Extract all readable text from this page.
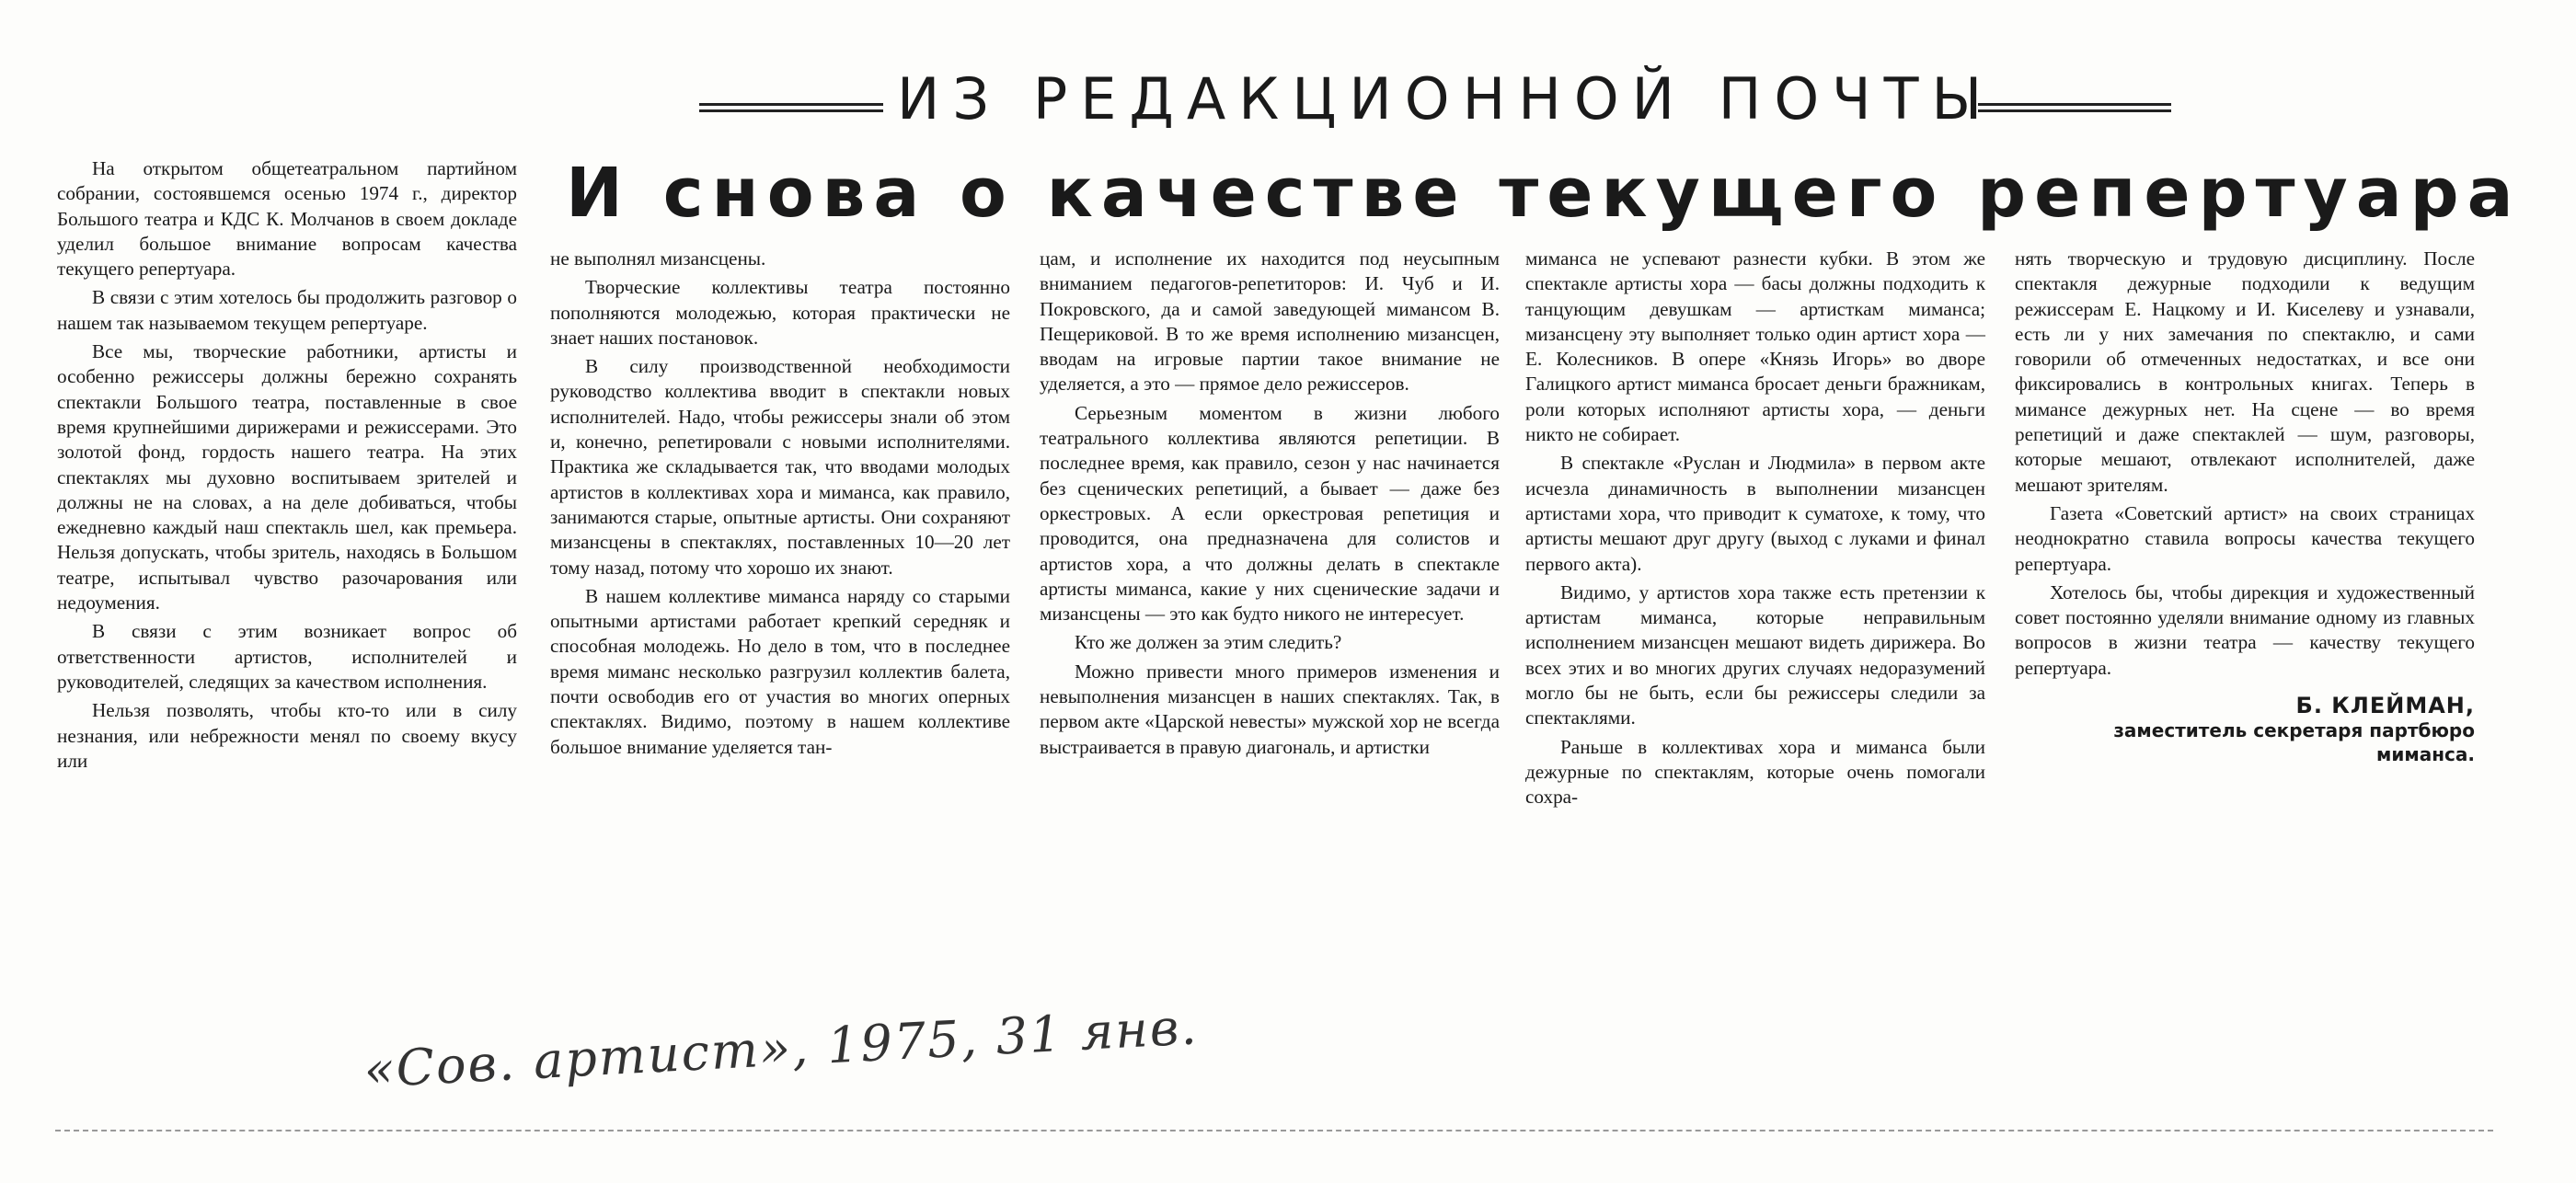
ИЗ РЕДАКЦИОННОЙ ПОЧТЫ
И снова о качестве текущего репертуара

На открытом общетеатральном партийном собрании, состоявшемся осенью 1974 г., директор Большого театра и КДС К. Молчанов в своем докладе уделил большое внимание вопросам качества текущего репертуара.

В связи с этим хотелось бы продолжить разговор о нашем так называемом текущем репертуаре.

Все мы, творческие работники, артисты и особенно режиссеры должны бережно сохранять спектакли Большого театра, поставленные в свое время крупнейшими дирижерами и режиссерами. Это золотой фонд, гордость нашего театра. На этих спектаклях мы духовно воспитываем зрителей и должны не на словах, а на деле добиваться, чтобы ежедневно каждый наш спектакль шел, как премьера. Нельзя допускать, чтобы зритель, находясь в Большом театре, испытывал чувство разочарования или недоумения.

В связи с этим возникает вопрос об ответственности артистов, исполнителей и руководителей, следящих за качеством исполнения.

Нельзя позволять, чтобы кто-то или в силу незнания, или небрежности менял по своему вкусу или

не выполнял мизансцены.

Творческие коллективы театра постоянно пополняются молодежью, которая практически не знает наших постановок.

В силу производственной необходимости руководство коллектива вводит в спектакли новых исполнителей. Надо, чтобы режиссеры знали об этом и, конечно, репетировали с новыми исполнителями. Практика же складывается так, что вводами молодых артистов в коллективах хора и миманса, как правило, занимаются старые, опытные артисты. Они сохраняют мизансцены в спектаклях, поставленных 10—20 лет тому назад, потому что хорошо их знают.

В нашем коллективе миманса наряду со старыми опытными артистами работает крепкий середняк и способная молодежь. Но дело в том, что в последнее время миманс несколько разгрузил коллектив балета, почти освободив его от участия во многих оперных спектаклях. Видимо, поэтому в нашем коллективе большое внимание уделяется тан-

цам, и исполнение их находится под неусыпным вниманием педагогов-репетиторов: И. Чуб и И. Покровского, да и самой заведующей мимансом В. Пещериковой. В то же время исполнению мизансцен, вводам на игровые партии такое внимание не уделяется, а это — прямое дело режиссеров.

Серьезным моментом в жизни любого театрального коллектива являются репетиции. В последнее время, как правило, сезон у нас начинается без сценических репетиций, а бывает — даже без оркестровых. А если оркестровая репетиция и проводится, она предназначена для солистов и артистов хора, а что должны делать в спектакле артисты миманса, какие у них сценические задачи и мизансцены — это как будто никого не интересует.

Кто же должен за этим следить?

Можно привести много примеров изменения и невыполнения мизансцен в наших спектаклях. Так, в первом акте «Царской невесты» мужской хор не всегда выстраивается в правую диагональ, и артистки

миманса не успевают разнести кубки. В этом же спектакле артисты хора — басы должны подходить к танцующим девушкам — артисткам миманса; мизансцену эту выполняет только один артист хора — Е. Колесников. В опере «Князь Игорь» во дворе Галицкого артист миманса бросает деньги бражникам, роли которых исполняют артисты хора, — деньги никто не собирает.

В спектакле «Руслан и Людмила» в первом акте исчезла динамичность в выполнении мизансцен артистами хора, что приводит к суматохе, к тому, что артисты мешают друг другу (выход с луками и финал первого акта).

Видимо, у артистов хора также есть претензии к артистам миманса, которые неправильным исполнением мизансцен мешают видеть дирижера. Во всех этих и во многих других случаях недоразумений могло бы не быть, если бы режиссеры следили за спектаклями.

Раньше в коллективах хора и миманса были дежурные по спектаклям, которые очень помогали сохра-

нять творческую и трудовую дисциплину. После спектакля дежурные подходили к ведущим режиссерам Е. Нацкому и И. Киселеву и узнавали, есть ли у них замечания по спектаклю, и сами говорили об отмеченных недостатках, и все они фиксировались в контрольных книгах. Теперь в мимансе дежурных нет. На сцене — во время репетиций и даже спектаклей — шум, разговоры, которые мешают, отвлекают исполнителей, даже мешают зрителям.

Газета «Советский артист» на своих страницах неоднократно ставила вопросы качества текущего репертуара.

Хотелось бы, чтобы дирекция и художественный совет постоянно уделяли внимание одному из главных вопросов в жизни театра — качеству текущего репертуара.

Б. КЛЕЙМАН,
заместитель секретаря партбюро миманса.
«Сов. артист», 1975, 31 янв.
